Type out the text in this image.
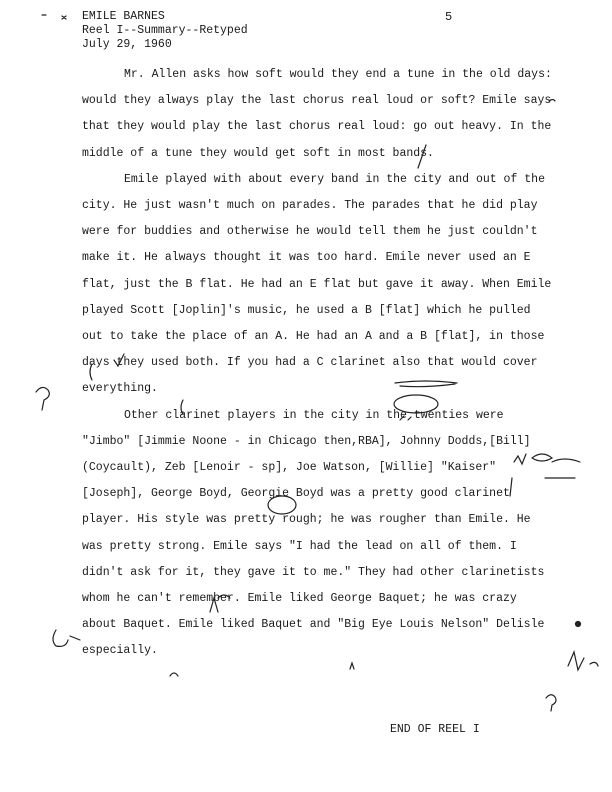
EMILE BARNES
Reel I--Summary--Retyped
July 29, 1960
5

Mr. Allen asks how soft would they end a tune in the old days: would they always play the last chorus real loud or soft? Emile says that they would play the last chorus real loud: go out heavy. In the middle of a tune they would get soft in most bands.

Emile played with about every band in the city and out of the city. He just wasn't much on parades. The parades that he did play were for buddies and otherwise he would tell them he just couldn't make it. He always thought it was too hard. Emile never used an E flat, just the B flat. He had an E flat but gave it away. When Emile played Scott [Joplin]'s music, he used a B [flat] which he pulled out to take the place of an A. He had an A and a B [flat], in those days they used both. If you had a C clarinet also that would cover everything.

Other clarinet players in the city in the twenties were "Jimbo" [Jimmie Noone - in Chicago then,RBA], Johnny Dodds,[Bill] (Coycault), Zeb [Lenoir - sp], Joe Watson, [Willie] "Kaiser" [Joseph], George Boyd, Georgie Boyd was a pretty good clarinet player. His style was pretty rough; he was rougher than Emile. He was pretty strong. Emile says "I had the lead on all of them. I didn't ask for it, they gave it to me." They had other clarinetists whom he can't remember. Emile liked George Baquet; he was crazy about Baquet. Emile liked Baquet and "Big Eye Louis Nelson" Delisle especially.

END OF REEL I
